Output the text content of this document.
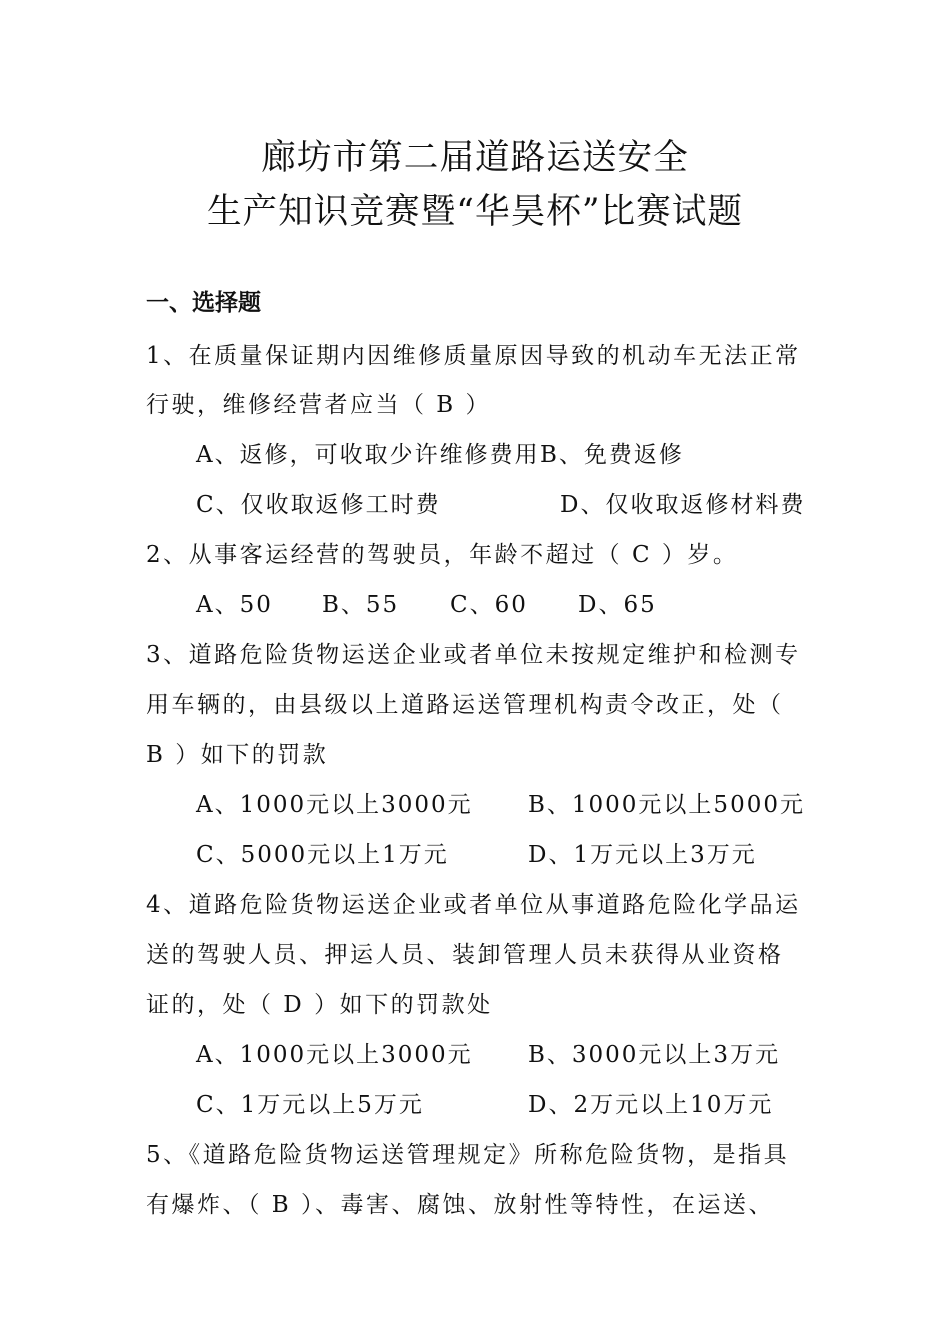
廊坊市第二届道路运送安全
生产知识竞赛暨“华昊杯”比赛试题
一、选择题
1、在质量保证期内因维修质量原因导致的机动车无法正常
行驶，维修经营者应当（ B ）
A、返修，可收取少许维修费用 B、免费返修
C、仅收取返修工时费	D、仅收取返修材料费
2、从事客运经营的驾驶员，年龄不超过（ C ）岁。
A、50 B、55 C、60 D、65
3、道路危险货物运送企业或者单位未按规定维护和检测专
用车辆的，由县级以上道路运送管理机构责令改正，处（
B ）如下的罚款
A、1000元以上3000元 B、1000元以上5000元
C、5000元以上1万元	D、1万元以上3万元
4、道路危险货物运送企业或者单位从事道路危险化学品运
送的驾驶人员、押运人员、装卸管理人员未获得从业资格
证的，处（ D ）如下的罚款处
A、1000元以上3000元 B、3000元以上3万元
C、1万元以上5万元	D、2万元以上10万元
5、《道路危险货物运送管理规定》所称危险货物，是指具
有爆炸、（ B ）、毒害、腐蚀、放射性等特性，在运送、
